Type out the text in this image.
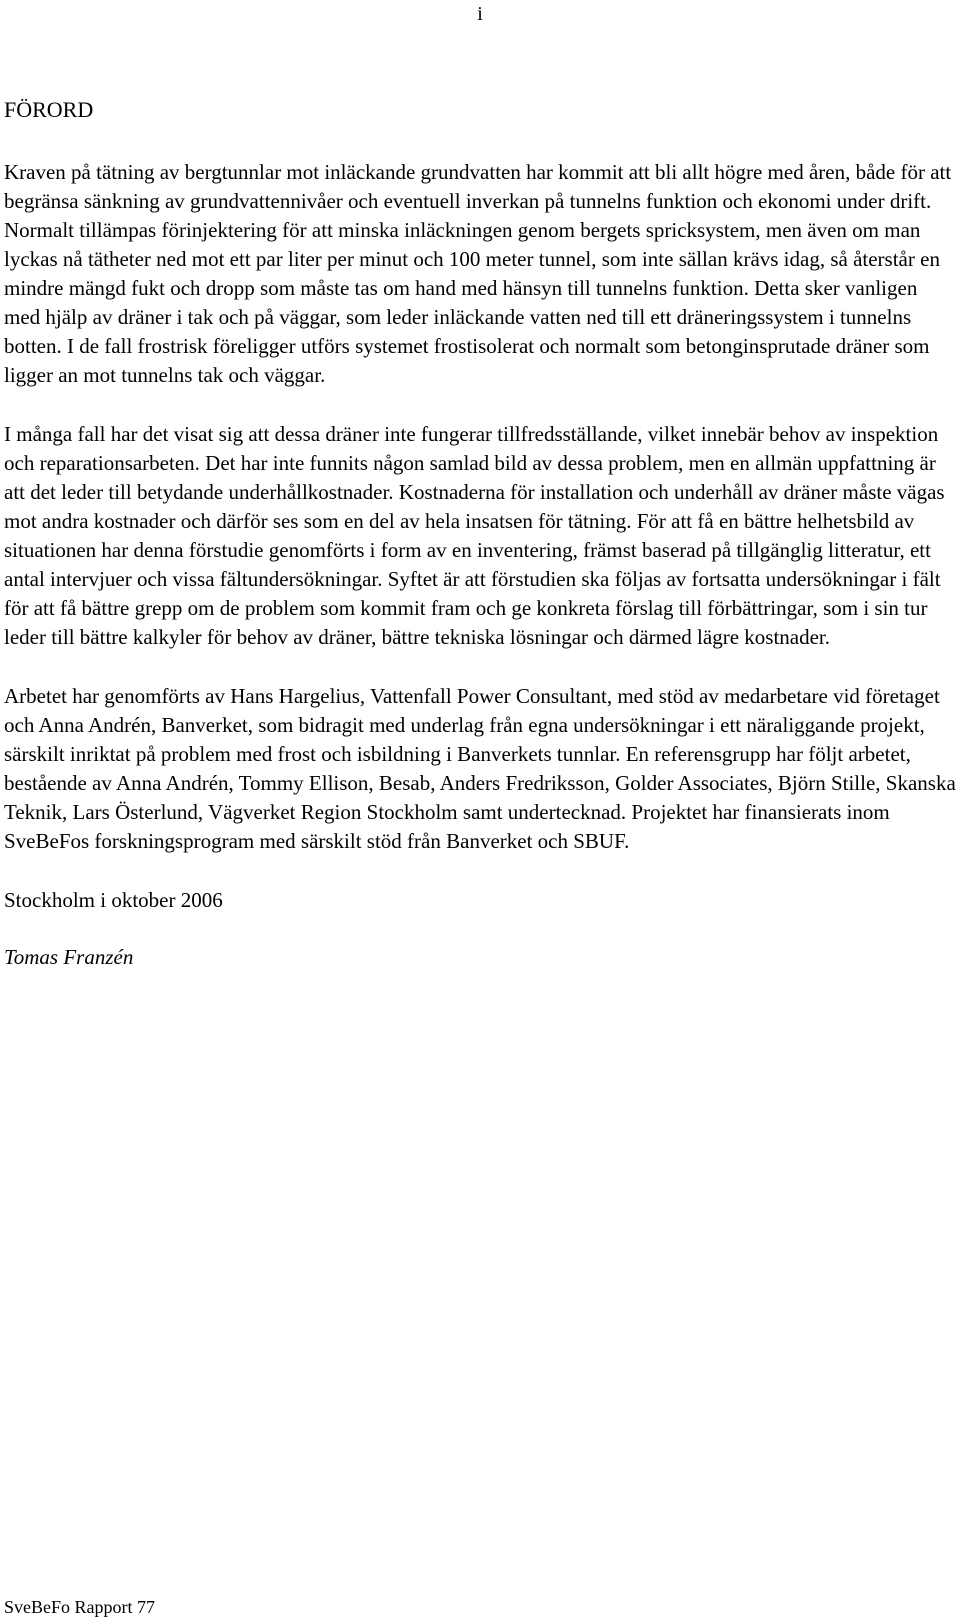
i
FÖRORD

Kraven på tätning av bergtunnlar mot inläckande grundvatten har kommit att bli allt högre med åren, både för att begränsa sänkning av grundvattennivåer och eventuell inverkan på tunnelns funktion och ekonomi under drift. Normalt tillämpas förinjektering för att minska inläckningen genom bergets spricksystem, men även om man lyckas nå tätheter ned mot ett par liter per minut och 100 meter tunnel, som inte sällan krävs idag, så återstår en mindre mängd fukt och dropp som måste tas om hand med hänsyn till tunnelns funktion. Detta sker vanligen med hjälp av dräner i tak och på väggar, som leder inläckande vatten ned till ett dräneringssystem i tunnelns botten. I de fall frostrisk föreligger utförs systemet frostisolerat och normalt som betonginsprutade dräner som ligger an mot tunnelns tak och väggar.

I många fall har det visat sig att dessa dräner inte fungerar tillfredsställande, vilket innebär behov av inspektion och reparationsarbeten. Det har inte funnits någon samlad bild av dessa problem, men en allmän uppfattning är att det leder till betydande underhållkostnader. Kostnaderna för installation och underhåll av dräner måste vägas mot andra kostnader och därför ses som en del av hela insatsen för tätning. För att få en bättre helhetsbild av situationen har denna förstudie genomförts i form av en inventering, främst baserad på tillgänglig litteratur, ett antal intervjuer och vissa fältundersökningar. Syftet är att förstudien ska följas av fortsatta undersökningar i fält för att få bättre grepp om de problem som kommit fram och ge konkreta förslag till förbättringar, som i sin tur leder till bättre kalkyler för behov av dräner, bättre tekniska lösningar och därmed lägre kostnader.

Arbetet har genomförts av Hans Hargelius, Vattenfall Power Consultant, med stöd av medarbetare vid företaget och Anna Andrén, Banverket, som bidragit med underlag från egna undersökningar i ett näraliggande projekt, särskilt inriktat på problem med frost och isbildning i Banverkets tunnlar. En referensgrupp har följt arbetet, bestående av Anna Andrén, Tommy Ellison, Besab, Anders Fredriksson, Golder Associates, Björn Stille, Skanska Teknik, Lars Österlund, Vägverket Region Stockholm samt undertecknad. Projektet har finansierats inom SveBeFos forskningsprogram med särskilt stöd från Banverket och SBUF.

Stockholm i oktober 2006

Tomas Franzén

SveBeFo Rapport 77
